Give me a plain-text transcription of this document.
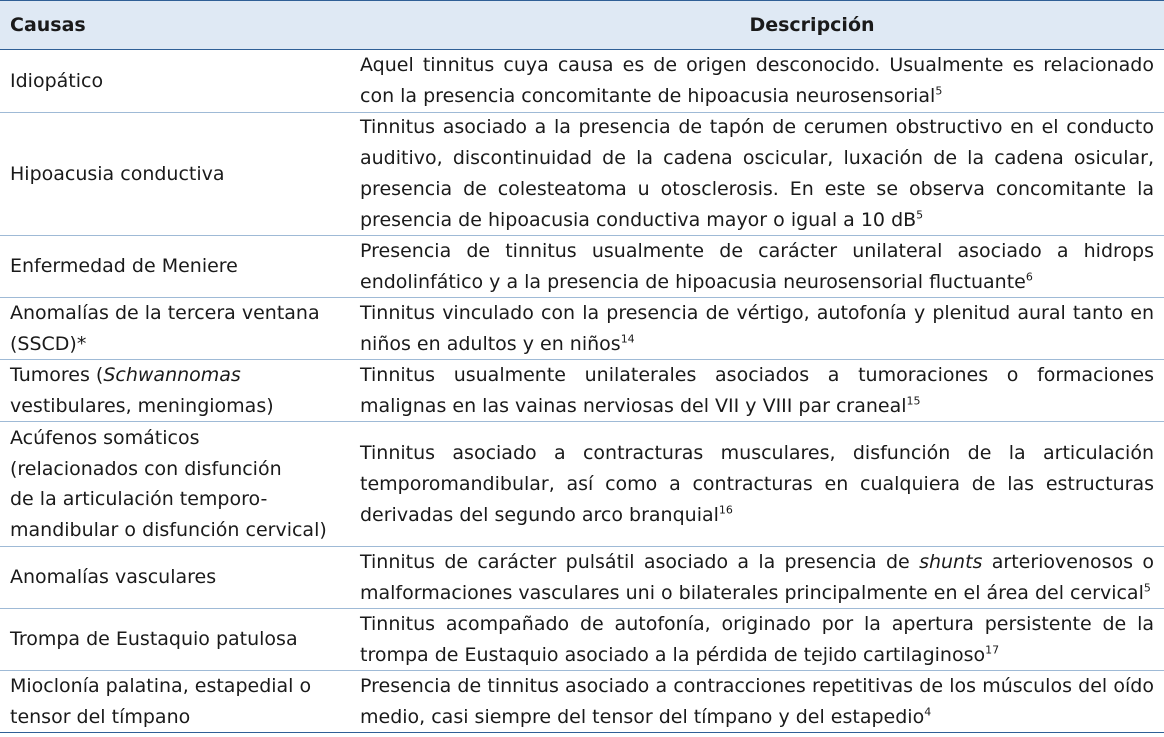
Causas	Descripción
Idiopático
Aquel tinnitus cuya causa es de origen desconocido. Usualmente es relacionado con la presencia concomitante de hipoacusia neurosensorial$^5$
Hipoacusia conductiva
Tinnitus asociado a la presencia de tapón de cerumen obstructivo en el conducto auditivo, discontinuidad de la cadena oscicular, luxación de la cadena osicular, presencia de colesteatoma u otosclerosis. En este se observa concomitante la presencia de hipoacusia conductiva mayor o igual a 10 $dB^5$
Enfermedad de Meniere
Presencia de tinnitus usualmente de carácter unilateral asociado a hidrops endolinfático y a la presencia de hipoacusia neurosensorial fluctuante$^6$
Anomalías de la tercera ventana (SSCD)*
Tinnitus vinculado con la presencia de vértigo, autofonía y plenitud aural tanto en niños en adultos y en niños$^{14}$
Tumores (Schwannomas vestibulares, meningiomas)
Tinnitus usualmente unilaterales asociados a tumoraciones o formaciones malignas en las vainas nerviosas del VII y VIII par craneal$^{15}$
Acúfenos somáticos
(relacionados con disfunción
de la articulación temporo-
mandibular o disfunción cervical)
Tinnitus asociado a contracturas musculares, disfunción de la articulación temporomandibular, así como a contracturas en cualquiera de las estructuras derivadas del segundo arco branquial$^{16}$
Anomalías vasculares
Tinnitus de carácter pulsátil asociado a la presencia de shunts arteriovenosos o malformaciones vasculares uni o bilaterales principalmente en el área del cervical$^5$
Trompa de Eustaquio patulosa
Tinnitus acompañado de autofonía, originado por la apertura persistente de la trompa de Eustaquio asociado a la pérdida de tejido cartilaginoso$^{17}$
Mioclonía palatina, estapedial o tensor del tímpano
Presencia de tinnitus asociado a contracciones repetitivas de los músculos del oído medio, casi siempre del tensor del tímpano y del estapedio$^4$
